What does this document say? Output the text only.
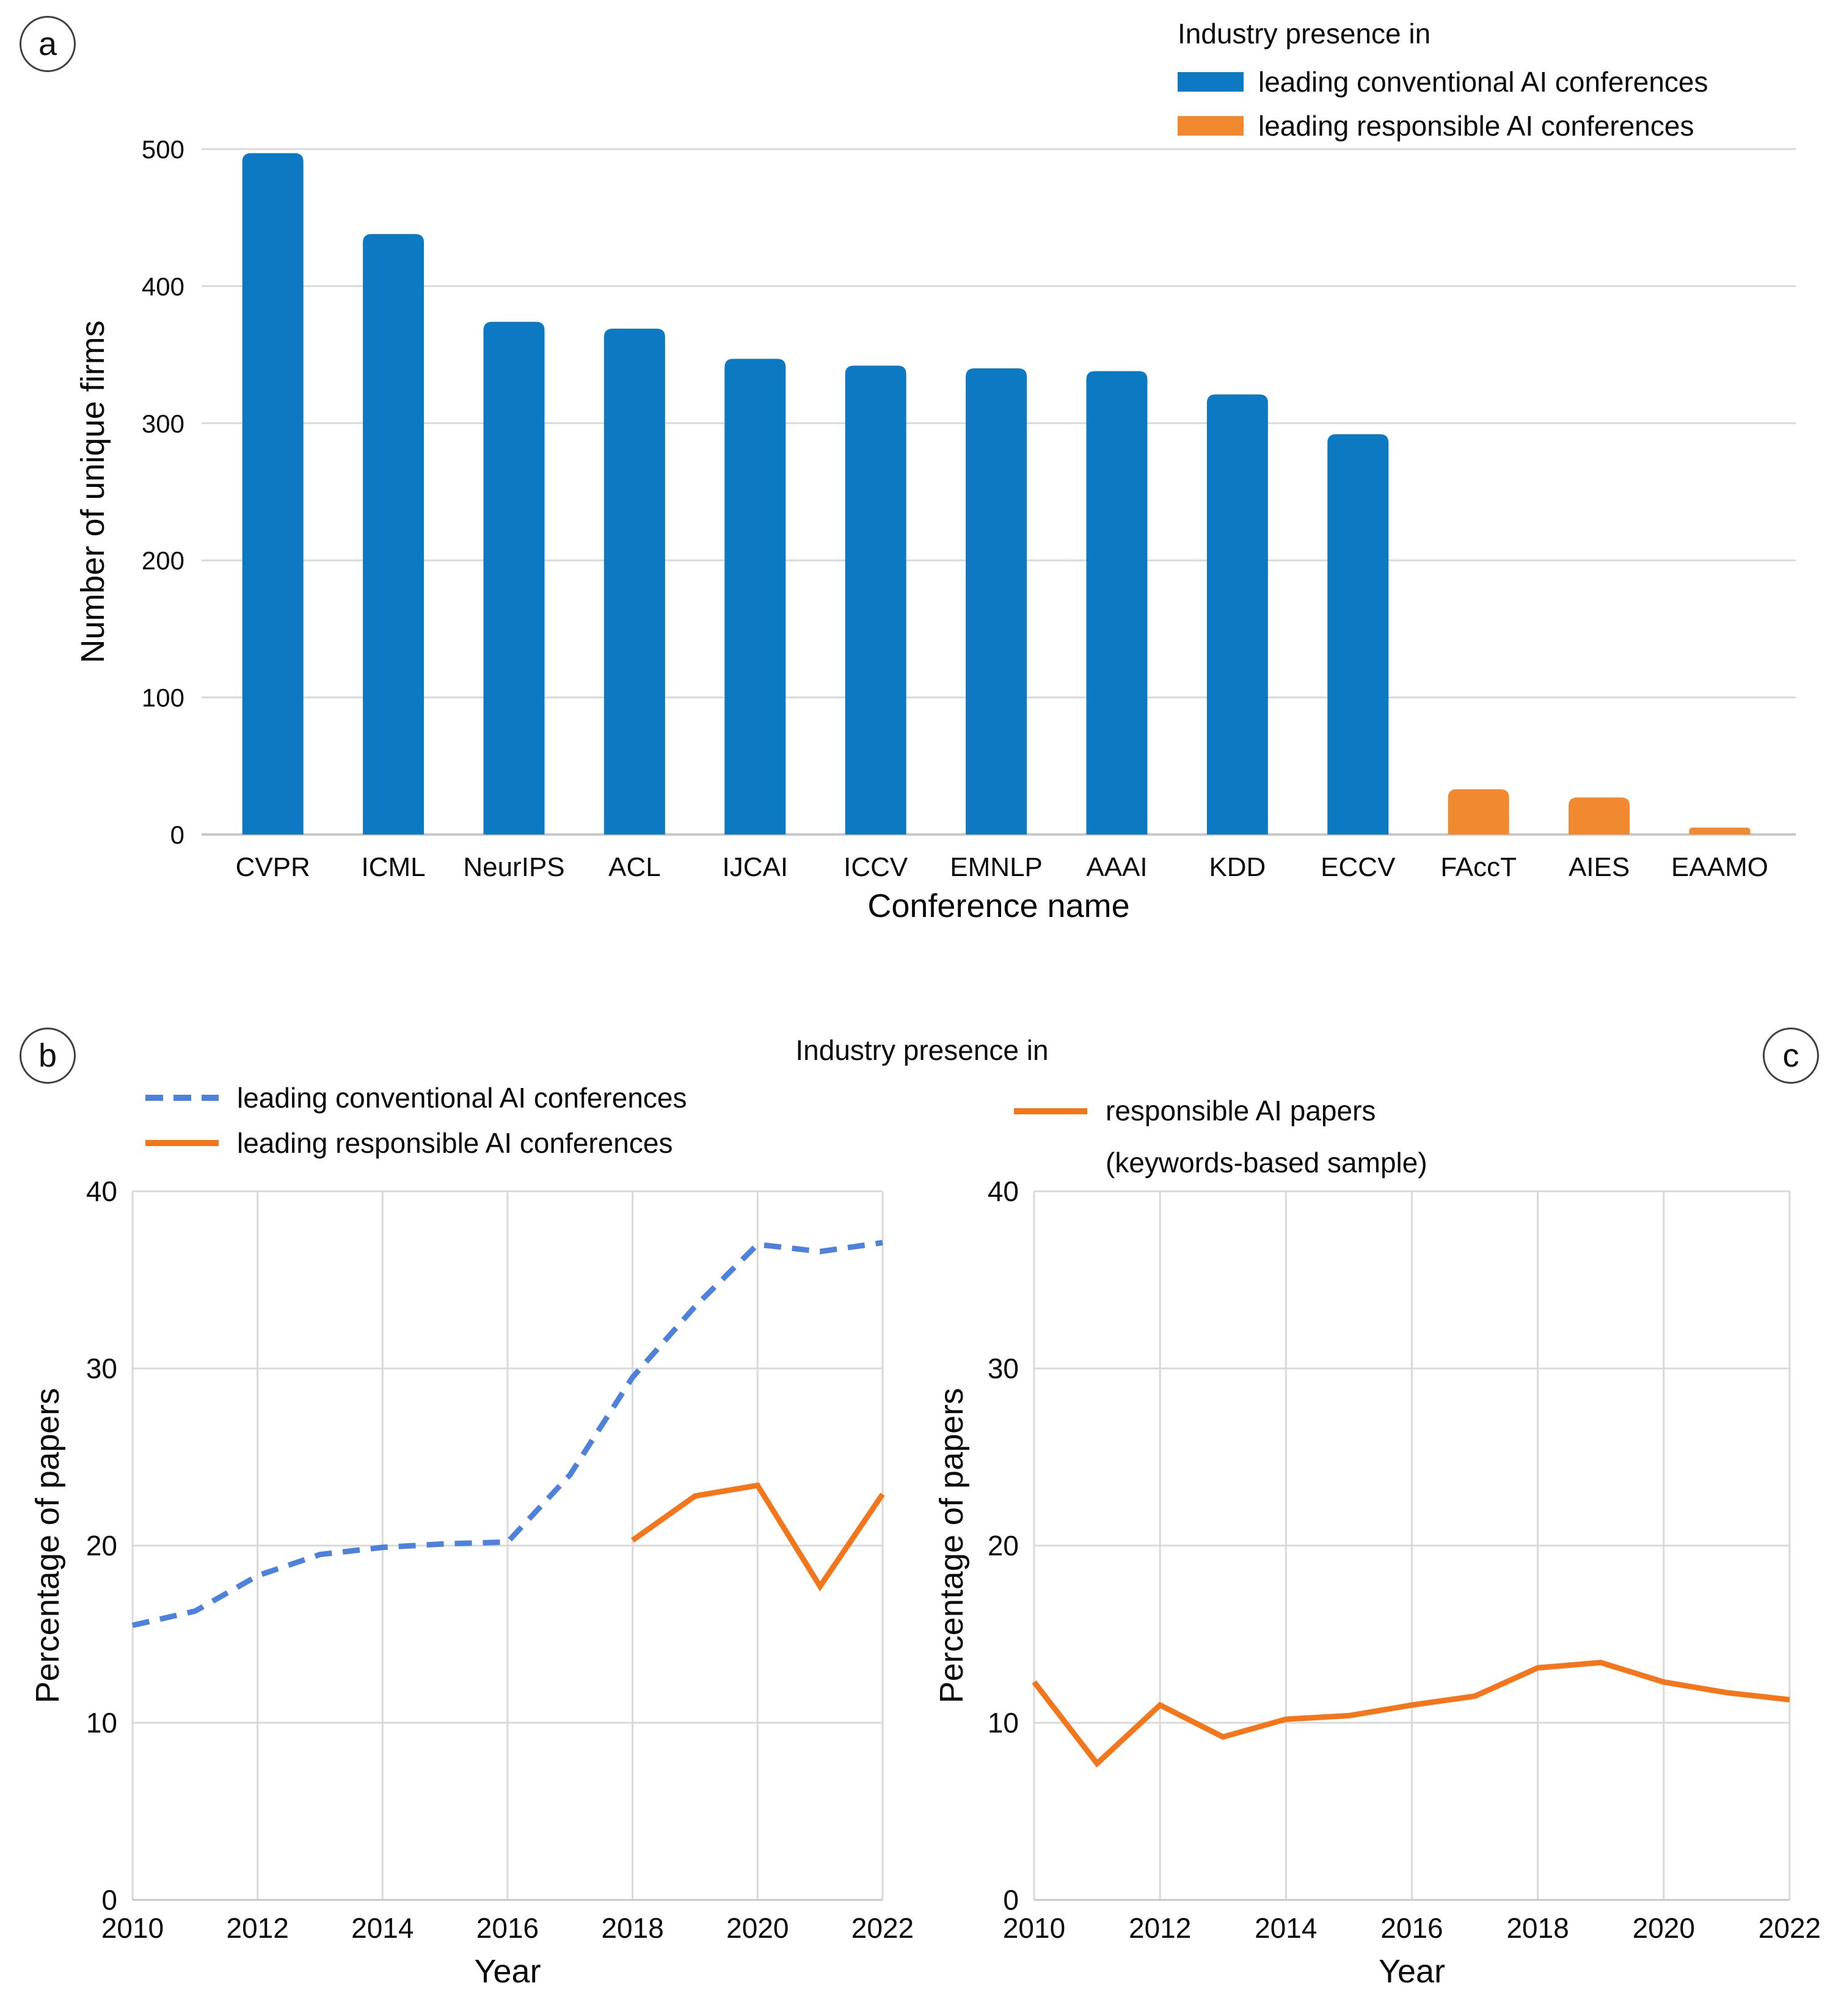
0
100
200
300
400
500
CVPR ICML NeurIPS ACL IJCAI ICCV EMNLP AAAI KDD ECCV FAccT AIES EAAMO
0
10
20
30
40
2010 2012 2014 2016 2018 2020 2022
0
10
20
30
40
2010 2012 2014 2016 2018 2020 2022
a
b	c
Industry presence in
leading conventional AI conferences
leading responsible AI conferences
Number of unique firms
Conference name
Industry presence in
leading conventional AI conferences
leading responsible AI conferences
responsible AI papers
(keywords-based sample)
Percentage of papers
Year
Percentage of papers
Year
